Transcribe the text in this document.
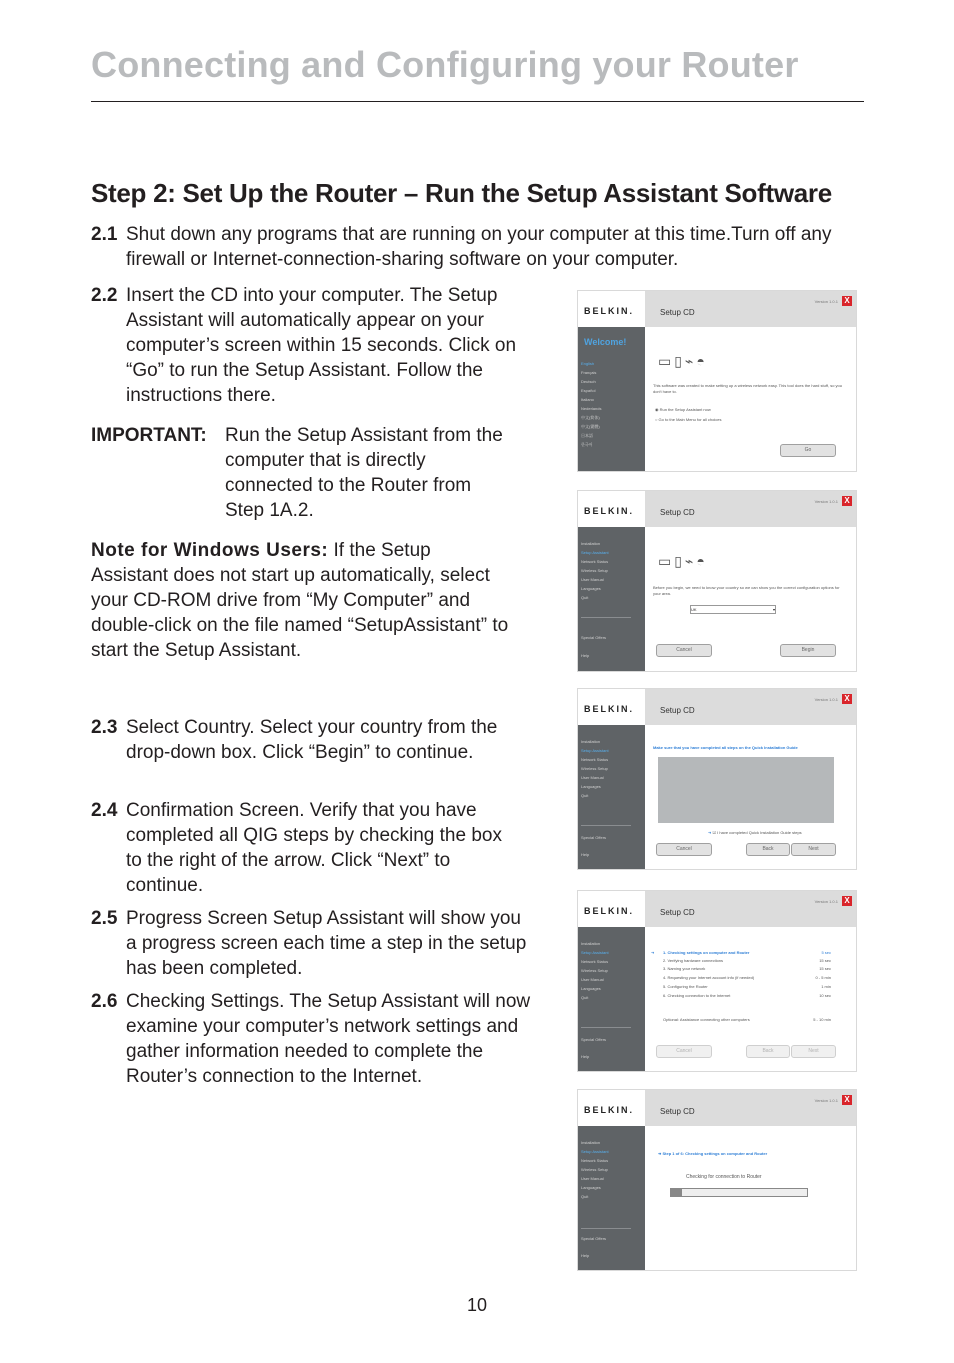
Connecting and Configuring your Router
Step 2: Set Up the Router – Run the Setup Assistant Software
2.1 Shut down any programs that are running on your computer at this time.Turn off any firewall or Internet-connection-sharing software on your computer.
2.2 Insert the CD into your computer. The Setup Assistant will automatically appear on your computer’s screen within 15 seconds. Click on “Go” to run the Setup Assistant. Follow the instructions there.
IMPORTANT: Run the Setup Assistant from the computer that is directly connected to the Router from Step 1A.2.
Note for Windows Users: If the Setup Assistant does not start up automatically, select your CD-ROM drive from “My Computer” and double-click on the file named “SetupAssistant” to start the Setup Assistant.
2.3 Select Country. Select your country from the drop-down box. Click “Begin” to continue.
2.4 Confirmation Screen. Verify that you have completed all QIG steps by checking the box to the right of the arrow. Click “Next” to continue.
2.5 Progress Screen Setup Assistant will show you a progress screen each time a step in the setup has been completed.
2.6 Checking Settings. The Setup Assistant will now examine your computer’s network settings and gather information needed to complete the Router’s connection to the Internet.
BELKIN.	Setup CD
Version 1.0.1 X
Welcome!
English
Français
Deutsch
Español
Italiano
Nederlands
中文(简体)
中文(繁體)
日本語
한국어
▭▯⌁◓
This software was created to make setting up a wireless network easy. This tool does the hard stuff, so you don't have to.
◉ Run the Setup Assistant now
○ Go to the Main Menu for all choices
Go
BELKIN.	Setup CD
Version 1.0.1 X
Installation
Setup Assistant
Network Status
Wireless Setup
User Manual
Languages
Quit
Special Offers
Help
▭▯⌁◓
Before you begin, we need to know your country so we can show you the correct configuration options for your area.
UK	▾
Cancel	Begin
BELKIN.	Setup CD
Version 1.0.1 X
Installation
Setup Assistant
Network Status
Wireless Setup
User Manual
Languages
Quit
Special Offers
Help
Make sure that you have completed all steps on the Quick Installation Guide
➜ ☑ I have completed Quick Installation Guide steps
Cancel	Back	Next
BELKIN.	Setup CD
Version 1.0.1 X
Installation
Setup Assistant
Network Status
Wireless Setup
User Manual
Languages
Quit
Special Offers
Help
➜ 1. Checking settings on computer and Router	5 sec
2. Verifying hardware connections	15 sec
3. Naming your network	15 sec
4. Requesting your Internet account info (if needed)	0 - 5 min
5. Configuring the Router	1 min
6. Checking connection to the Internet	10 sec
Optional: Assistance connecting other computers	5 - 10 min
Cancel	Back	Next
BELKIN.	Setup CD
Version 1.0.1 X
Installation
Setup Assistant
Network Status
Wireless Setup
User Manual
Languages
Quit
Special Offers
Help
➜ Step 1 of 6: Checking settings on computer and Router
Checking for connection to Router
10
